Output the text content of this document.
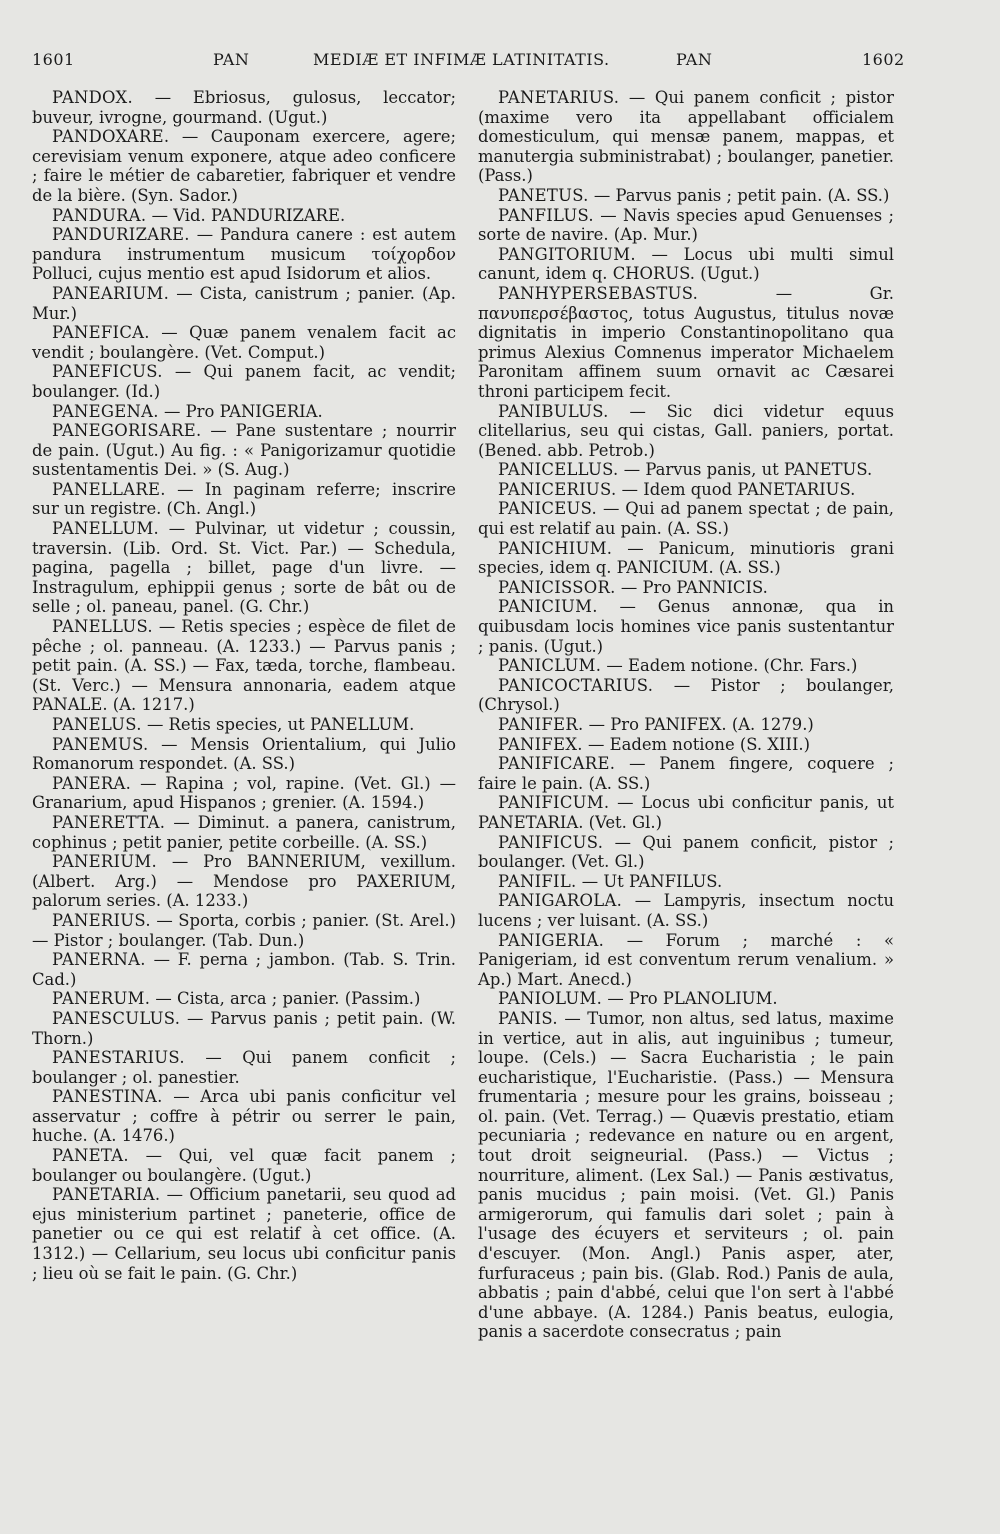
1601	PAN	MEDIÆ ET INFIMÆ LATINITATIS.	PAN	1602

PANDOX. — Ebriosus, gulosus, leccator; buveur, ivrogne, gourmand. (Ugut.)

PANDOXARE. — Cauponam exercere, agere; cerevisiam venum exponere, atque adeo conficere ; faire le métier de cabaretier, fabriquer et vendre de la bière. (Syn. Sador.)

PANDURA. — Vid. PANDURIZARE.

PANDURIZARE. — Pandura canere : est autem pandura instrumentum musicum τοίχορδον Polluci, cujus mentio est apud Isidorum et alios.

PANEARIUM. — Cista, canistrum ; panier. (Ap. Mur.)

PANEFICA. — Quæ panem venalem facit ac vendit ; boulangère. (Vet. Comput.)

PANEFICUS. — Qui panem facit, ac vendit; boulanger. (Id.)

PANEGENA. — Pro PANIGERIA.

PANEGORISARE. — Pane sustentare ; nourrir de pain. (Ugut.) Au fig. : « Panigorizamur quotidie sustentamentis Dei. » (S. Aug.)

PANELLARE. — In paginam referre; inscrire sur un registre. (Ch. Angl.)

PANELLUM. — Pulvinar, ut videtur ; coussin, traversin. (Lib. Ord. St. Vict. Par.) — Schedula, pagina, pagella ; billet, page d'un livre. — Instragulum, ephippii genus ; sorte de bât ou de selle ; ol. paneau, panel. (G. Chr.)

PANELLUS. — Retis species ; espèce de filet de pêche ; ol. panneau. (A. 1233.) — Parvus panis ; petit pain. (A. SS.) — Fax, tæda, torche, flambeau. (St. Verc.) — Mensura annonaria, eadem atque PANALE. (A. 1217.)

PANELUS. — Retis species, ut PANELLUM.

PANEMUS. — Mensis Orientalium, qui Julio Romanorum respondet. (A. SS.)

PANERA. — Rapina ; vol, rapine. (Vet. Gl.) — Granarium, apud Hispanos ; grenier. (A. 1594.)

PANERETTA. — Diminut. a panera, canistrum, cophinus ; petit panier, petite corbeille. (A. SS.)

PANERIUM. — Pro BANNERIUM, vexillum. (Albert. Arg.) — Mendose pro PAXERIUM, palorum series. (A. 1233.)

PANERIUS. — Sporta, corbis ; panier. (St. Arel.) — Pistor ; boulanger. (Tab. Dun.)

PANERNA. — F. perna ; jambon. (Tab. S. Trin. Cad.)

PANERUM. — Cista, arca ; panier. (Passim.)

PANESCULUS. — Parvus panis ; petit pain. (W. Thorn.)

PANESTARIUS. — Qui panem conficit ; boulanger ; ol. panestier.

PANESTINA. — Arca ubi panis conficitur vel asservatur ; coffre à pétrir ou serrer le pain, huche. (A. 1476.)

PANETA. — Qui, vel quæ facit panem ; boulanger ou boulangère. (Ugut.)

PANETARIA. — Officium panetarii, seu quod ad ejus ministerium partinet ; paneterie, office de panetier ou ce qui est relatif à cet office. (A. 1312.) — Cellarium, seu locus ubi conficitur panis ; lieu où se fait le pain. (G. Chr.)

PANETARIUS. — Qui panem conficit ; pistor (maxime vero ita appellabant officialem domesticulum, qui mensæ panem, mappas, et manutergia subministrabat) ; boulanger, panetier. (Pass.)

PANETUS. — Parvus panis ; petit pain. (A. SS.)

PANFILUS. — Navis species apud Genuenses ; sorte de navire. (Ap. Mur.)

PANGITORIUM. — Locus ubi multi simul canunt, idem q. CHORUS. (Ugut.)

PANHYPERSEBASTUS. — Gr. πανυπερσέβαστος, totus Augustus, titulus novæ dignitatis in imperio Constantinopolitano qua primus Alexius Comnenus imperator Michaelem Paronitam affinem suum ornavit ac Cæsarei throni participem fecit.

PANIBULUS. — Sic dici videtur equus clitellarius, seu qui cistas, Gall. paniers, portat. (Bened. abb. Petrob.)

PANICELLUS. — Parvus panis, ut PANETUS.

PANICERIUS. — Idem quod PANETARIUS.

PANICEUS. — Qui ad panem spectat ; de pain, qui est relatif au pain. (A. SS.)

PANICHIUM. — Panicum, minutioris grani species, idem q. PANICIUM. (A. SS.)

PANICISSOR. — Pro PANNICIS.

PANICIUM. — Genus annonæ, qua in quibusdam locis homines vice panis sustentantur ; panis. (Ugut.)

PANICLUM. — Eadem notione. (Chr. Fars.)

PANICOCTARIUS. — Pistor ; boulanger, (Chrysol.)

PANIFER. — Pro PANIFEX. (A. 1279.)

PANIFEX. — Eadem notione (S. XIII.)

PANIFICARE. — Panem fingere, coquere ; faire le pain. (A. SS.)

PANIFICUM. — Locus ubi conficitur panis, ut PANETARIA. (Vet. Gl.)

PANIFICUS. — Qui panem conficit, pistor ; boulanger. (Vet. Gl.)

PANIFIL. — Ut PANFILUS.

PANIGAROLA. — Lampyris, insectum noctu lucens ; ver luisant. (A. SS.)

PANIGERIA. — Forum ; marché : « Panigeriam, id est conventum rerum venalium. » Ap.) Mart. Anecd.)

PANIOLUM. — Pro PLANOLIUM.

PANIS. — Tumor, non altus, sed latus, maxime in vertice, aut in alis, aut inguinibus ; tumeur, loupe. (Cels.) — Sacra Eucharistia ; le pain eucharistique, l'Eucharistie. (Pass.) — Mensura frumentaria ; mesure pour les grains, boisseau ; ol. pain. (Vet. Terrag.) — Quævis prestatio, etiam pecuniaria ; redevance en nature ou en argent, tout droit seigneurial. (Pass.) — Victus ; nourriture, aliment. (Lex Sal.) — Panis æstivatus, panis mucidus ; pain moisi. (Vet. Gl.) Panis armigerorum, qui famulis dari solet ; pain à l'usage des écuyers et serviteurs ; ol. pain d'escuyer. (Mon. Angl.) Panis asper, ater, furfuraceus ; pain bis. (Glab. Rod.) Panis de aula, abbatis ; pain d'abbé, celui que l'on sert à l'abbé d'une abbaye. (A. 1284.) Panis beatus, eulogia, panis a sacerdote consecratus ; pain
